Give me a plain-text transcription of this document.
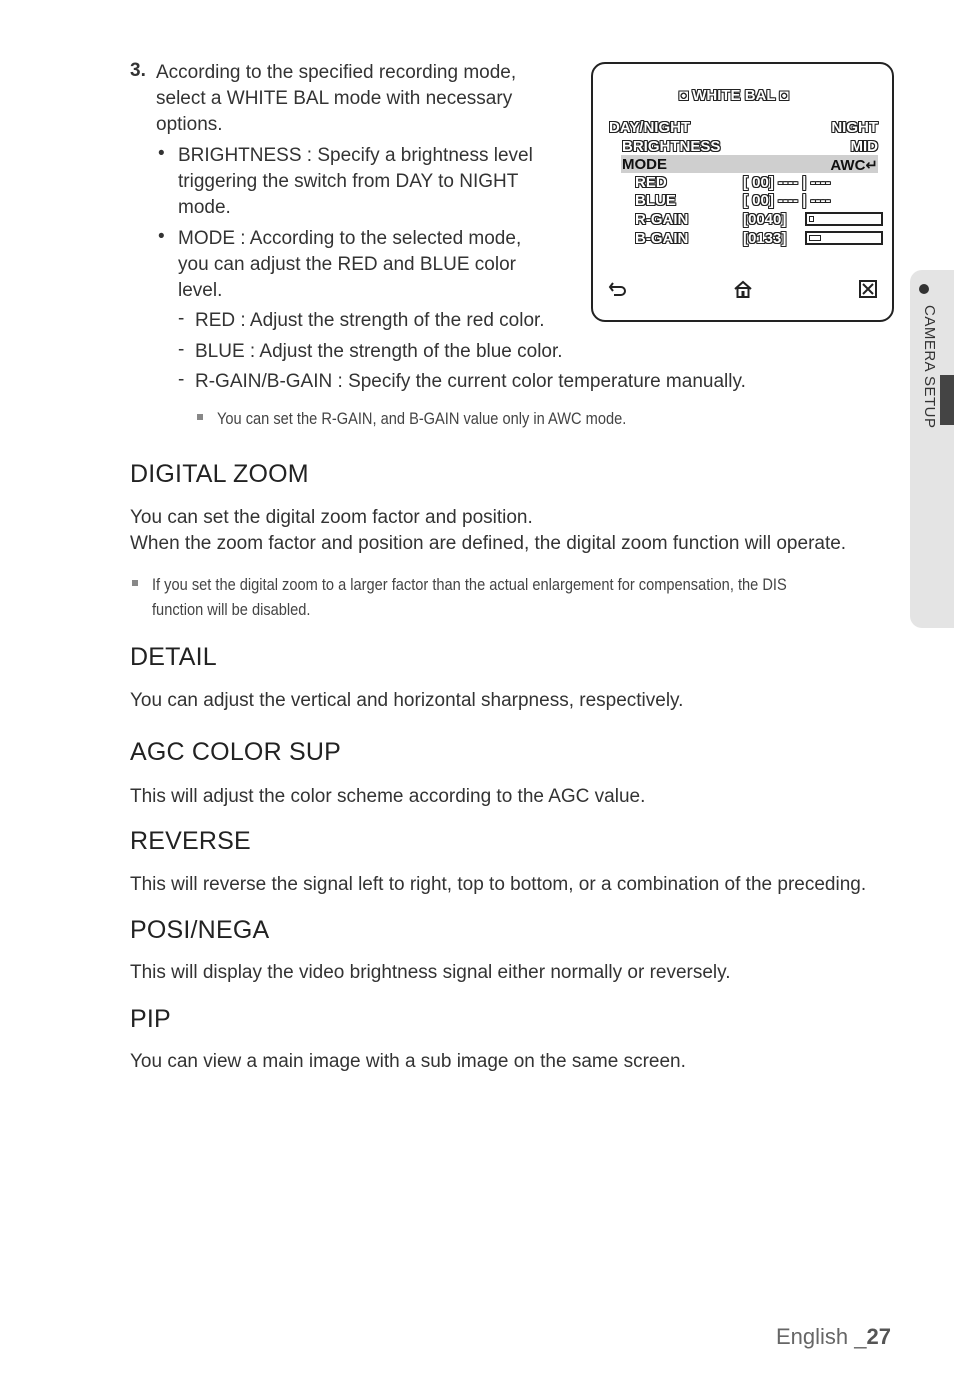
3. According to the specified recording mode, select a WHITE BAL mode with necessary options.
• BRIGHTNESS : Specify a brightness level triggering the switch from DAY to NIGHT mode.
• MODE : According to the selected mode, you can adjust the RED and BLUE color level.
- RED : Adjust the strength of the red color.
- BLUE : Adjust the strength of the blue color.
- R-GAIN/B-GAIN : Specify the current color temperature manually.
You can set the R-GAIN, and B-GAIN value only in AWC mode.
◘ WHITE BAL ◘
DAY/NIGHT	NIGHT
BRIGHTNESS	MID
MODE	AWC↵
RED	[ 00] ---- | ----
BLUE	[ 00] ---- | ----
R-GAIN	[0040]
B-GAIN	[0133]
DIGITAL ZOOM
You can set the digital zoom factor and position.
When the zoom factor and position are defined, the digital zoom function will operate.
If you set the digital zoom to a larger factor than the actual enlargement for compensation, the DIS function will be disabled.
DETAIL
You can adjust the vertical and horizontal sharpness, respectively.
AGC COLOR SUP
This will adjust the color scheme according to the AGC value.
REVERSE
This will reverse the signal left to right, top to bottom, or a combination of the preceding.
POSI/NEGA
This will display the video brightness signal either normally or reversely.
PIP
You can view a main image with a sub image on the same screen.
CAMERA SETUP
English _27
